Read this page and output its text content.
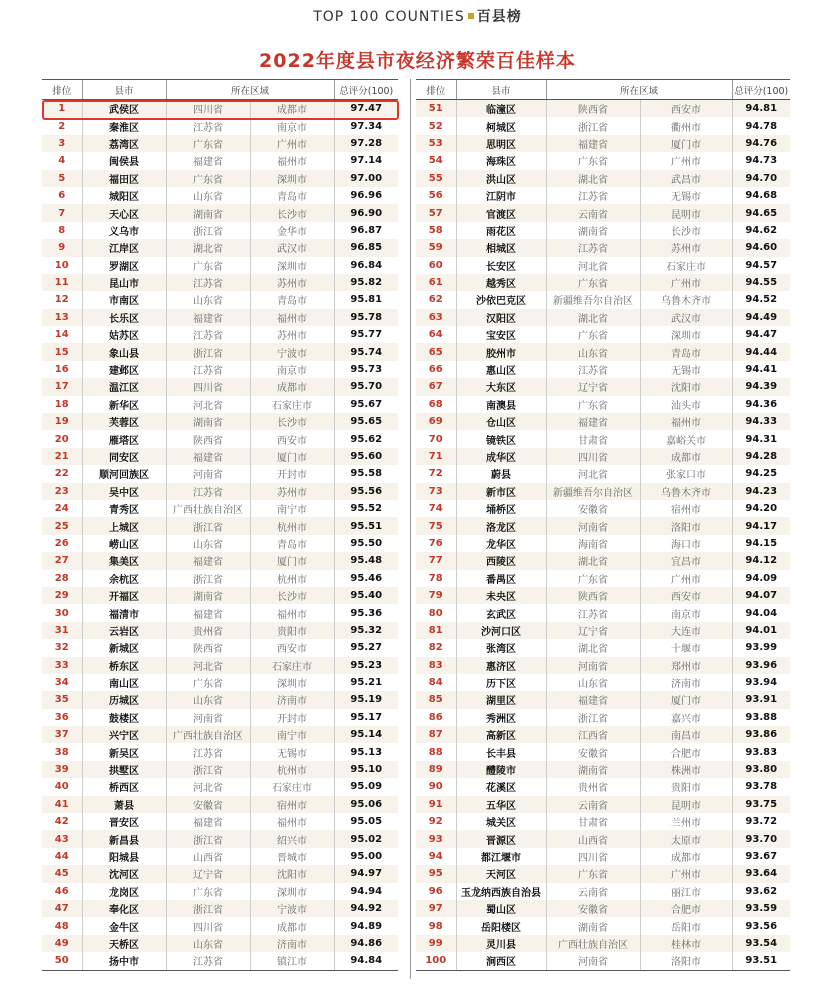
TOP 100 COUNTIES 百县榜
2022年度县市夜经济繁荣百佳样本
排位	县市	所在区域		总评分(100)
1	武侯区	四川省	成都市	97.47
2	秦淮区	江苏省	南京市	97.34
3	荔湾区	广东省	广州市	97.28
4	闽侯县	福建省	福州市	97.14
5	福田区	广东省	深圳市	97.00
6	城阳区	山东省	青岛市	96.96
7	天心区	湖南省	长沙市	96.90
8	义乌市	浙江省	金华市	96.87
9	江岸区	湖北省	武汉市	96.85
10	罗湖区	广东省	深圳市	96.84
11	昆山市	江苏省	苏州市	95.82
12	市南区	山东省	青岛市	95.81
13	长乐区	福建省	福州市	95.78
14	姑苏区	江苏省	苏州市	95.77
15	象山县	浙江省	宁波市	95.74
16	建邺区	江苏省	南京市	95.73
17	温江区	四川省	成都市	95.70
18	新华区	河北省	石家庄市	95.67
19	芙蓉区	湖南省	长沙市	95.65
20	雁塔区	陕西省	西安市	95.62
21	同安区	福建省	厦门市	95.60
22	顺河回族区	河南省	开封市	95.58
23	吴中区	江苏省	苏州市	95.56
24	青秀区	广西壮族自治区	南宁市	95.52
25	上城区	浙江省	杭州市	95.51
26	崂山区	山东省	青岛市	95.50
27	集美区	福建省	厦门市	95.48
28	余杭区	浙江省	杭州市	95.46
29	开福区	湖南省	长沙市	95.40
30	福清市	福建省	福州市	95.36
31	云岩区	贵州省	贵阳市	95.32
32	新城区	陕西省	西安市	95.27
33	桥东区	河北省	石家庄市	95.23
34	南山区	广东省	深圳市	95.21
35	历城区	山东省	济南市	95.19
36	鼓楼区	河南省	开封市	95.17
37	兴宁区	广西壮族自治区	南宁市	95.14
38	新吴区	江苏省	无锡市	95.13
39	拱墅区	浙江省	杭州市	95.10
40	桥西区	河北省	石家庄市	95.09
41	萧县	安徽省	宿州市	95.06
42	晋安区	福建省	福州市	95.05
43	新昌县	浙江省	绍兴市	95.02
44	阳城县	山西省	晋城市	95.00
45	沈河区	辽宁省	沈阳市	94.97
46	龙岗区	广东省	深圳市	94.94
47	奉化区	浙江省	宁波市	94.92
48	金牛区	四川省	成都市	94.89
49	天桥区	山东省	济南市	94.86
50	扬中市	江苏省	镇江市	94.84
排位	县市	所在区域		总评分(100)
51	临潼区	陕西省	西安市	94.81
52	柯城区	浙江省	衢州市	94.78
53	思明区	福建省	厦门市	94.76
54	海珠区	广东省	广州市	94.73
55	洪山区	湖北省	武昌市	94.70
56	江阴市	江苏省	无锡市	94.68
57	官渡区	云南省	昆明市	94.65
58	雨花区	湖南省	长沙市	94.62
59	相城区	江苏省	苏州市	94.60
60	长安区	河北省	石家庄市	94.57
61	越秀区	广东省	广州市	94.55
62	沙依巴克区	新疆维吾尔自治区	乌鲁木齐市	94.52
63	汉阳区	湖北省	武汉市	94.49
64	宝安区	广东省	深圳市	94.47
65	胶州市	山东省	青岛市	94.44
66	惠山区	江苏省	无锡市	94.41
67	大东区	辽宁省	沈阳市	94.39
68	南澳县	广东省	汕头市	94.36
69	仓山区	福建省	福州市	94.33
70	镜铁区	甘肃省	嘉峪关市	94.31
71	成华区	四川省	成都市	94.28
72	蔚县	河北省	张家口市	94.25
73	新市区	新疆维吾尔自治区	乌鲁木齐市	94.23
74	埇桥区	安徽省	宿州市	94.20
75	洛龙区	河南省	洛阳市	94.17
76	龙华区	海南省	海口市	94.15
77	西陵区	湖北省	宜昌市	94.12
78	番禺区	广东省	广州市	94.09
79	未央区	陕西省	西安市	94.07
80	玄武区	江苏省	南京市	94.04
81	沙河口区	辽宁省	大连市	94.01
82	张湾区	湖北省	十堰市	93.99
83	惠济区	河南省	郑州市	93.96
84	历下区	山东省	济南市	93.94
85	湖里区	福建省	厦门市	93.91
86	秀洲区	浙江省	嘉兴市	93.88
87	高新区	江西省	南昌市	93.86
88	长丰县	安徽省	合肥市	93.83
89	醴陵市	湖南省	株洲市	93.80
90	花溪区	贵州省	贵阳市	93.78
91	五华区	云南省	昆明市	93.75
92	城关区	甘肃省	兰州市	93.72
93	晋源区	山西省	太原市	93.70
94	都江堰市	四川省	成都市	93.67
95	天河区	广东省	广州市	93.64
96	玉龙纳西族自治县	云南省	丽江市	93.62
97	蜀山区	安徽省	合肥市	93.59
98	岳阳楼区	湖南省	岳阳市	93.56
99	灵川县	广西壮族自治区	桂林市	93.54
100	涧西区	河南省	洛阳市	93.51
